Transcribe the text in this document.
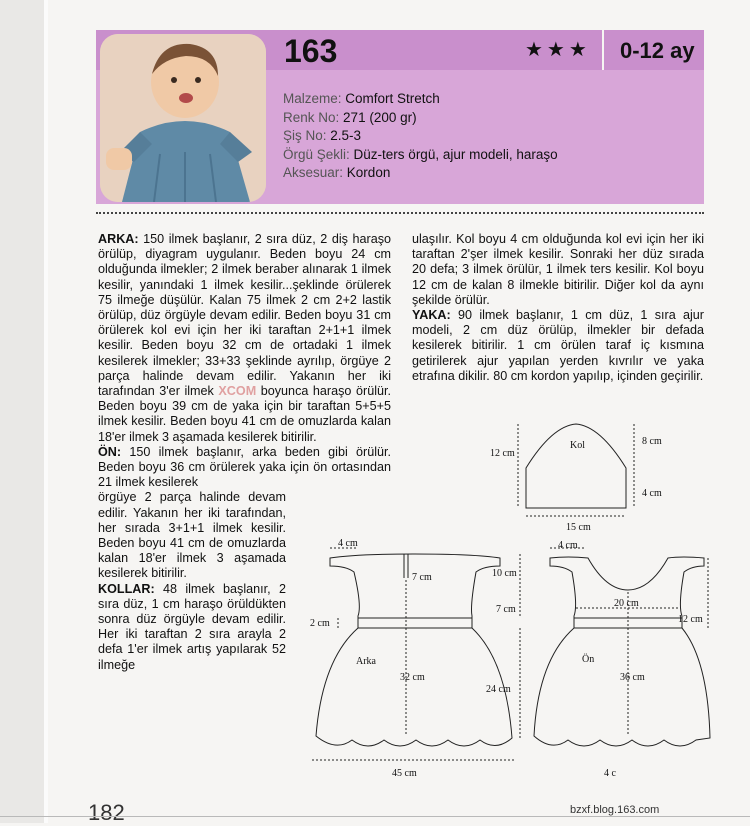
163	★★★ 0-12 ay
Malzeme: Comfort Stretch
Renk No: 271 (200 gr)
Şiş No: 2.5-3
Örgü Şekli: Düz-ters örgü, ajur modeli, haraşo
Aksesuar: Kordon
ARKA: 150 ilmek başlanır, 2 sıra düz, 2 diş haraşo örülüp, diyagram uygulanır. Beden boyu 24 cm olduğunda ilmekler; 2 ilmek beraber alınarak 1 ilmek kesilir, yanındaki 1 ilmek kesilir...şeklinde örülerek 75 ilmeğe düşülür. Kalan 75 ilmek 2 cm 2+2 lastik örülüp, düz örgüyle devam edilir. Beden boyu 31 cm örülerek kol evi için her iki taraftan 2+1+1 ilmek kesilir. Beden boyu 32 cm de ortadaki 1 ilmek kesilerek ilmekler; 33+33 şeklinde ayrılıp, örgüye 2 parça halinde devam edilir. Yakanın her iki tarafından 3'er ilmek XCOM boyunca haraşo örülür. Beden boyu 39 cm de yaka için bir taraftan 5+5+5 ilmek kesilir. Beden boyu 41 cm de omuzlarda kalan 18'er ilmek 3 aşamada kesilerek bitirilir.
ÖN: 150 ilmek başlanır, arka beden gibi örülür. Beden boyu 36 cm örülerek yaka için ön ortasından 21 ilmek kesilerek
örgüye 2 parça halinde devam edilir. Yakanın her iki tarafından, her sırada 3+1+1 ilmek kesilir. Beden boyu 41 cm de omuzlarda kalan 18'er ilmek 3 aşamada kesilerek bitirilir.
KOLLAR: 48 ilmek başlanır, 2 sıra düz, 1 cm haraşo örüldükten sonra düz örgüyle devam edilir. Her iki taraftan 2 sıra arayla 2 defa 1'er ilmek artış yapılarak 52 ilmeğe
ulaşılır. Kol boyu 4 cm olduğunda kol evi için her iki taraftan 2'şer ilmek kesilir. Sonraki her düz sırada 20 defa; 3 ilmek örülür, 1 ilmek ters kesilir. Kol boyu 12 cm de kalan 8 ilmekle bitirilir. Diğer kol da aynı şekilde örülür.
YAKA: 90 ilmek başlanır, 1 cm düz, 1 sıra ajur modeli, 2 cm düz örülüp, ilmekler bir defada kesilerek bitirilir. 1 cm örülen taraf iç kısmına getirilerek ajur yapılan yerden kıvrılır ve yaka etrafına dikilir. 80 cm kordon yapılıp, içinden geçirilir.
Kol	8 cm
4 cm
12 cm
15 cm
4 cm
7 cm
2 cm
Arka
32 cm
45 cm
10 cm
7 cm
24 cm
4 cm
20 cm
12 cm
Ön
36 cm
4 c
182	bzxf.blog.163.com
